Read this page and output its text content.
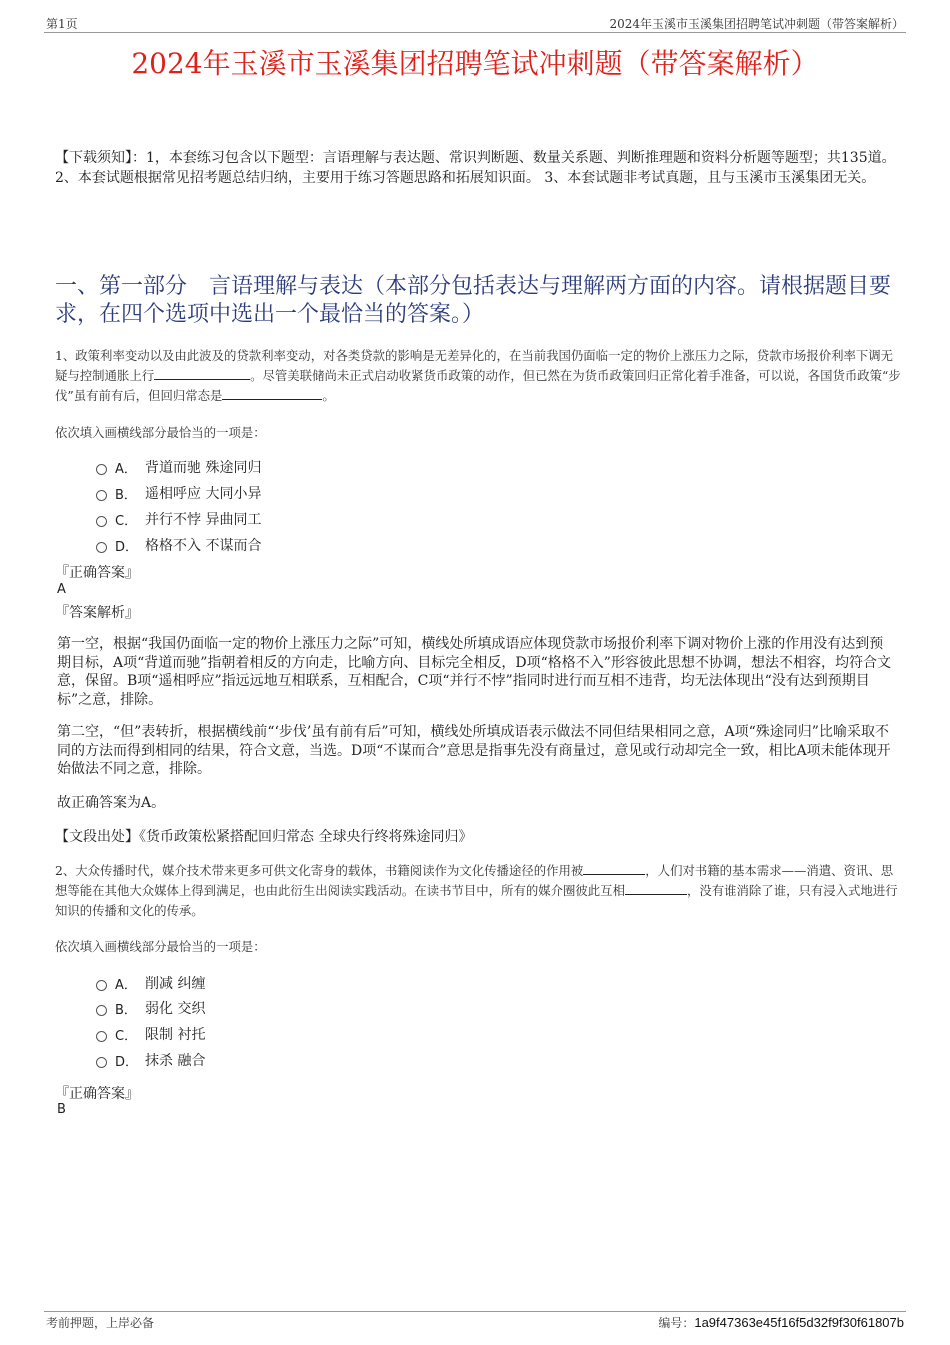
第1页	2024年玉溪市玉溪集团招聘笔试冲刺题（带答案解析）
2024年玉溪市玉溪集团招聘笔试冲刺题（带答案解析）
【下载须知】：1，本套练习包含以下题型：言语理解与表达题、常识判断题、数量关系题、判断推理题和资料分析题等题型；共135道。 2、本套试题根据常见招考题总结归纳，主要用于练习答题思路和拓展知识面。 3、本套试题非考试真题，且与玉溪市玉溪集团无关。
一、第一部分　言语理解与表达（本部分包括表达与理解两方面的内容。请根据题目要求，在四个选项中选出一个最恰当的答案。）
1、政策利率变动以及由此波及的贷款利率变动，对各类贷款的影响是无差异化的，在当前我国仍面临一定的物价上涨压力之际，贷款市场报价利率下调无疑与控制通胀上行	。尽管美联储尚未正式启动收紧货币政策的动作，但已然在为货币政策回归正常化着手准备，可以说，各国货币政策“步伐”虽有前有后，但回归常态是	。
依次填入画横线部分最恰当的一项是：
A． 背道而驰 殊途同归
B． 遥相呼应 大同小异
C． 并行不悖 异曲同工
D． 格格不入 不谋而合
『正确答案』
A
『答案解析』
第一空，根据“我国仍面临一定的物价上涨压力之际”可知，横线处所填成语应体现贷款市场报价利率下调对物价上涨的作用没有达到预期目标，A项“背道而驰”指朝着相反的方向走，比喻方向、目标完全相反，D项“格格不入”形容彼此思想不协调，想法不相容，均符合文意，保留。B项“遥相呼应”指远远地互相联系，互相配合，C项“并行不悖”指同时进行而互相不违背，均无法体现出“没有达到预期目标”之意，排除。
第二空，“但”表转折，根据横线前“‘步伐’虽有前有后”可知，横线处所填成语表示做法不同但结果相同之意，A项“殊途同归”比喻采取不同的方法而得到相同的结果，符合文意，当选。D项“不谋而合”意思是指事先没有商量过，意见或行动却完全一致，相比A项未能体现开始做法不同之意，排除。
故正确答案为A。
【文段出处】《货币政策松紧搭配回归常态 全球央行终将殊途同归》
2、大众传播时代，媒介技术带来更多可供文化寄身的载体，书籍阅读作为文化传播途径的作用被	，人们对书籍的基本需求——消遣、资讯、思想等能在其他大众媒体上得到满足，也由此衍生出阅读实践活动。在读书节目中，所有的媒介圈彼此互相	，没有谁消除了谁，只有浸入式地进行知识的传播和文化的传承。
依次填入画横线部分最恰当的一项是：
A． 削减 纠缠
B． 弱化 交织
C． 限制 衬托
D． 抹杀 融合
『正确答案』
B
考前押题，上岸必备	编号：1a9f47363e45f16f5d32f9f30f61807b
